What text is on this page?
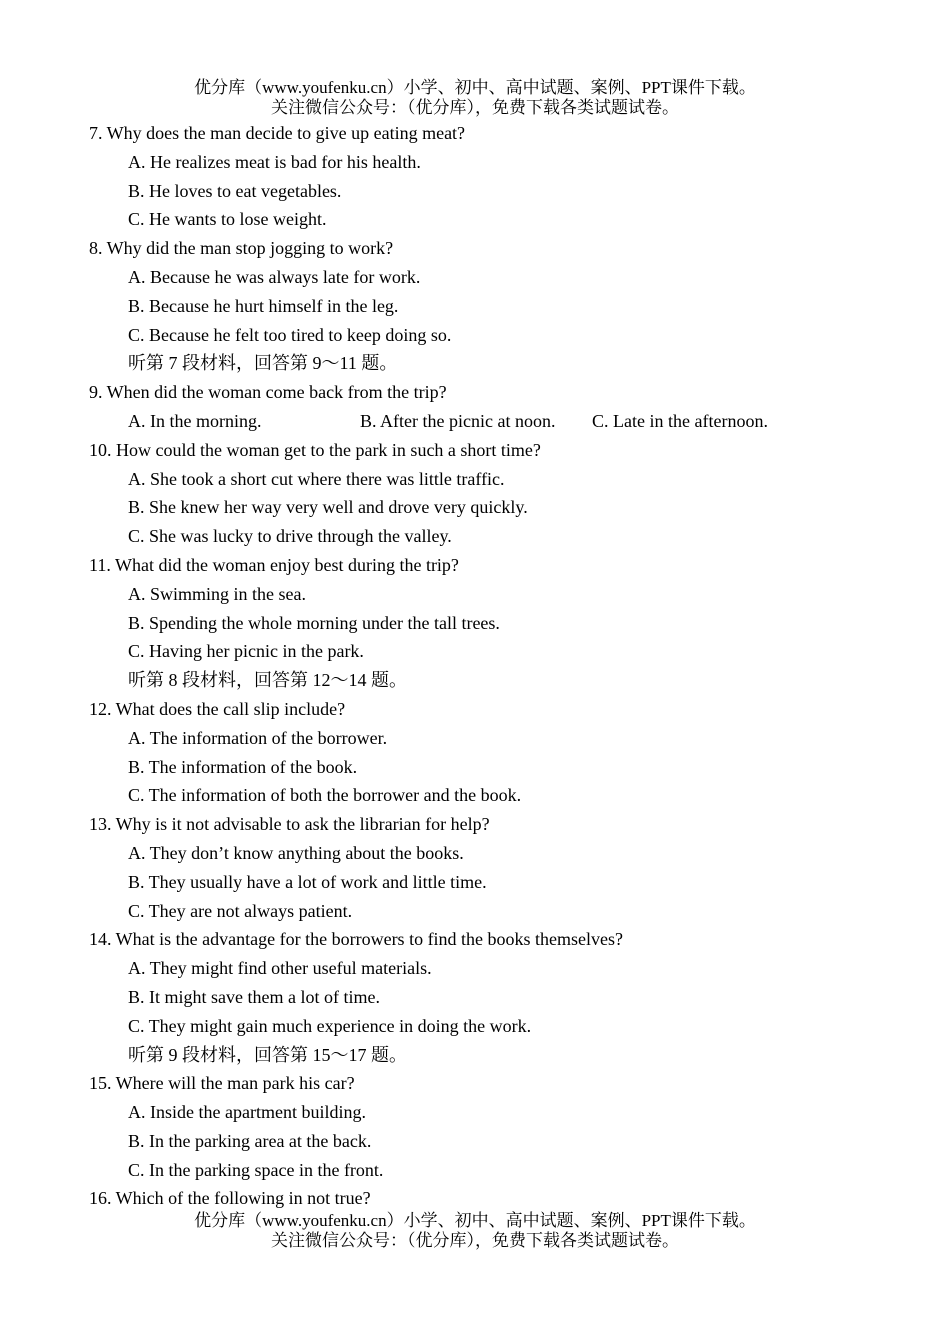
优分库（www.youfenku.cn）小学、初中、高中试题、案例、PPT课件下载。
关注微信公众号：（优分库），免费下载各类试题试卷。
7. Why does the man decide to give up eating meat?
A. He realizes meat is bad for his health.
B. He loves to eat vegetables.
C. He wants to lose weight.
8. Why did the man stop jogging to work?
A. Because he was always late for work.
B. Because he hurt himself in the leg.
C. Because he felt too tired to keep doing so.
听第 7 段材料，回答第 9～11 题。
9. When did the woman come back from the trip?
A. In the morning.	B. After the picnic at noon.	C. Late in the afternoon.
10. How could the woman get to the park in such a short time?
A. She took a short cut where there was little traffic.
B. She knew her way very well and drove very quickly.
C. She was lucky to drive through the valley.
11. What did the woman enjoy best during the trip?
A. Swimming in the sea.
B. Spending the whole morning under the tall trees.
C. Having her picnic in the park.
听第 8 段材料，回答第 12～14 题。
12. What does the call slip include?
A. The information of the borrower.
B. The information of the book.
C. The information of both the borrower and the book.
13. Why is it not advisable to ask the librarian for help?
A. They don’t know anything about the books.
B. They usually have a lot of work and little time.
C. They are not always patient.
14. What is the advantage for the borrowers to find the books themselves?
A. They might find other useful materials.
B. It might save them a lot of time.
C. They might gain much experience in doing the work.
听第 9 段材料，回答第 15～17 题。
15. Where will the man park his car?
A. Inside the apartment building.
B. In the parking area at the back.
C. In the parking space in the front.
16. Which of the following in not true?
优分库（www.youfenku.cn）小学、初中、高中试题、案例、PPT课件下载。
关注微信公众号：（优分库），免费下载各类试题试卷。
